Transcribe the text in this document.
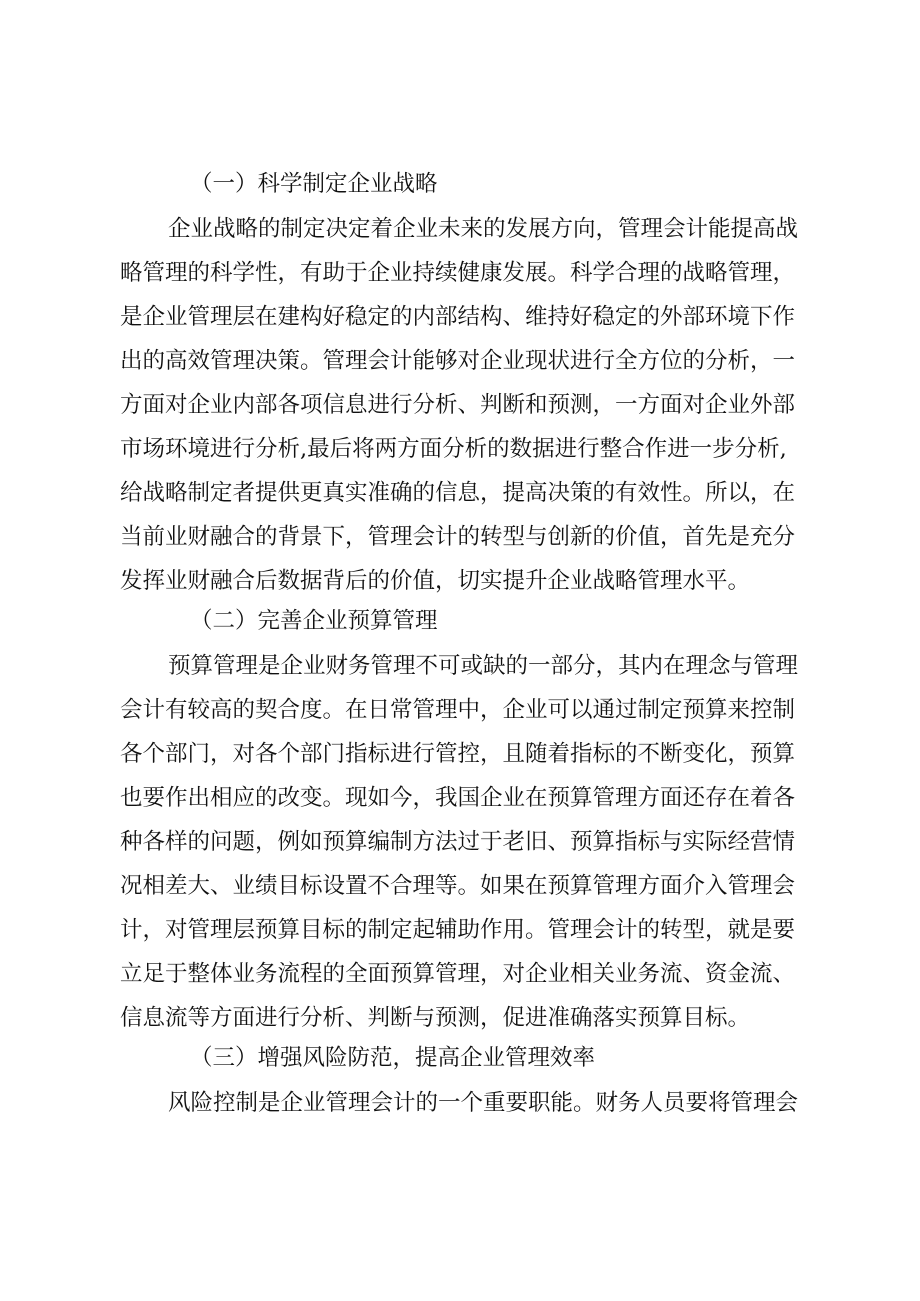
（一）科学制定企业战略

企业战略的制定决定着企业未来的发展方向，管理会计能提高战

略管理的科学性，有助于企业持续健康发展。科学合理的战略管理，

是企业管理层在建构好稳定的内部结构、维持好稳定的外部环境下作

出的高效管理决策。管理会计能够对企业现状进行全方位的分析，一

方面对企业内部各项信息进行分析、判断和预测，一方面对企业外部

市场环境进行分析,最后将两方面分析的数据进行整合作进一步分析,

给战略制定者提供更真实准确的信息，提高决策的有效性。所以，在

当前业财融合的背景下，管理会计的转型与创新的价值，首先是充分

发挥业财融合后数据背后的价值，切实提升企业战略管理水平。

（二）完善企业预算管理

预算管理是企业财务管理不可或缺的一部分，其内在理念与管理

会计有较高的契合度。在日常管理中，企业可以通过制定预算来控制

各个部门，对各个部门指标进行管控，且随着指标的不断变化，预算

也要作出相应的改变。现如今，我国企业在预算管理方面还存在着各

种各样的问题，例如预算编制方法过于老旧、预算指标与实际经营情

况相差大、业绩目标设置不合理等。如果在预算管理方面介入管理会

计，对管理层预算目标的制定起辅助作用。管理会计的转型，就是要

立足于整体业务流程的全面预算管理，对企业相关业务流、资金流、

信息流等方面进行分析、判断与预测，促进准确落实预算目标。

（三）增强风险防范，提高企业管理效率

风险控制是企业管理会计的一个重要职能。财务人员要将管理会
